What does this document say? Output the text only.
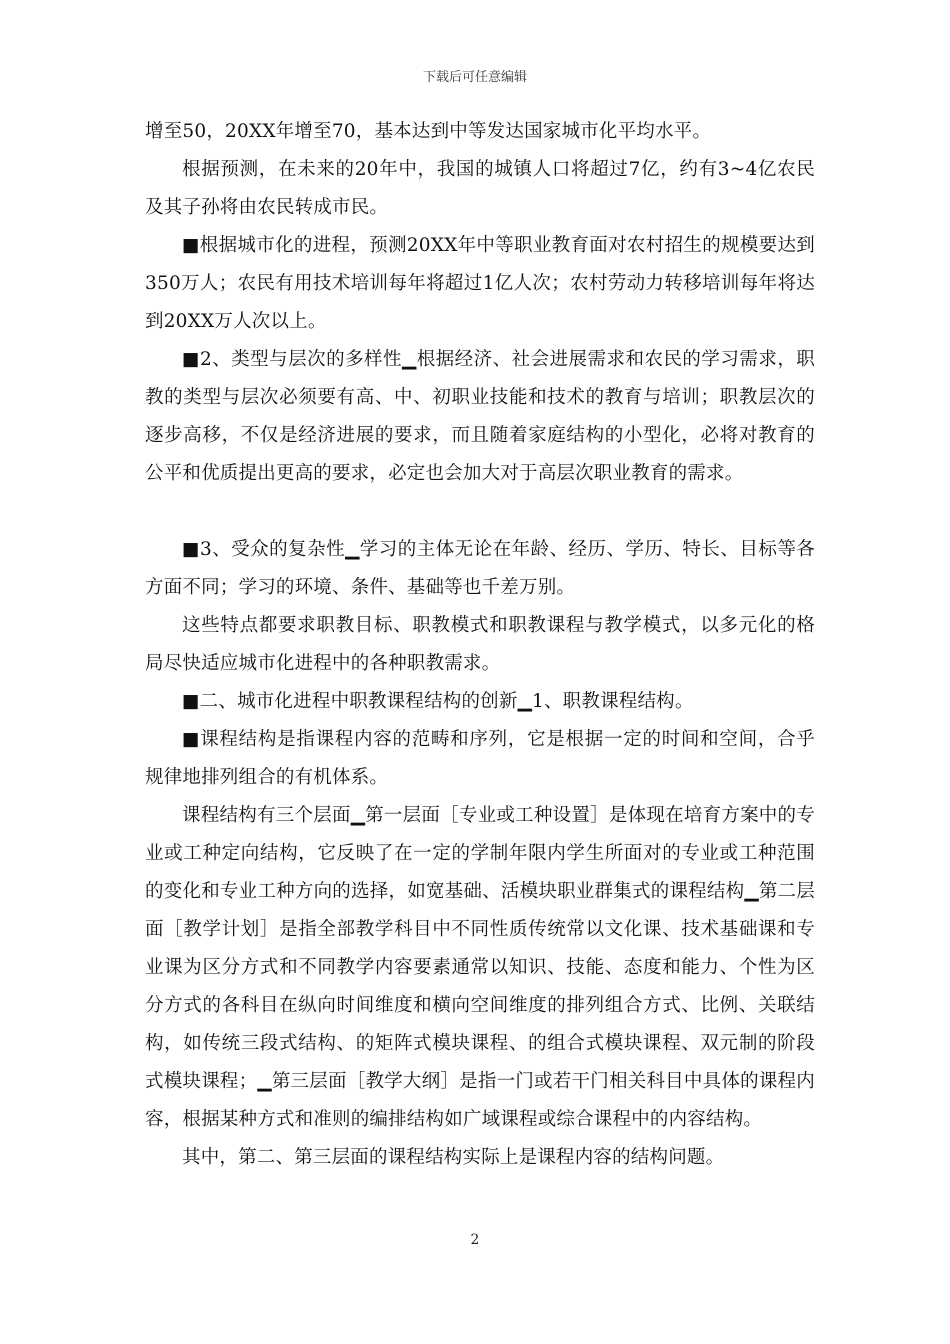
下载后可任意编辑

增至50，20XX年增至70，基本达到中等发达国家城市化平均水平。

根据预测，在未来的20年中，我国的城镇人口将超过7亿，约有3~4亿农民及其子孙将由农民转成市民。

■根据城市化的进程，预测20XX年中等职业教育面对农村招生的规模要达到350万人；农民有用技术培训每年将超过1亿人次；农村劳动力转移培训每年将达到20XX万人次以上。

■2、类型与层次的多样性▁根据经济、社会进展需求和农民的学习需求，职教的类型与层次必须要有高、中、初职业技能和技术的教育与培训；职教层次的逐步高移，不仅是经济进展的要求，而且随着家庭结构的小型化，必将对教育的公平和优质提出更高的要求，必定也会加大对于高层次职业教育的需求。

■3、受众的复杂性▁学习的主体无论在年龄、经历、学历、特长、目标等各方面不同；学习的环境、条件、基础等也千差万别。

这些特点都要求职教目标、职教模式和职教课程与教学模式，以多元化的格局尽快适应城市化进程中的各种职教需求。

■二、城市化进程中职教课程结构的创新▁1、职教课程结构。

■课程结构是指课程内容的范畴和序列，它是根据一定的时间和空间，合乎规律地排列组合的有机体系。

课程结构有三个层面▁第一层面［专业或工种设置］是体现在培育方案中的专业或工种定向结构，它反映了在一定的学制年限内学生所面对的专业或工种范围的变化和专业工种方向的选择，如宽基础、活模块职业群集式的课程结构▁第二层面［教学计划］是指全部教学科目中不同性质传统常以文化课、技术基础课和专业课为区分方式和不同教学内容要素通常以知识、技能、态度和能力、个性为区分方式的各科目在纵向时间维度和横向空间维度的排列组合方式、比例、关联结构，如传统三段式结构、的矩阵式模块课程、的组合式模块课程、双元制的阶段式模块课程；▁第三层面［教学大纲］是指一门或若干门相关科目中具体的课程内容，根据某种方式和准则的编排结构如广域课程或综合课程中的内容结构。

其中，第二、第三层面的课程结构实际上是课程内容的结构问题。

2
